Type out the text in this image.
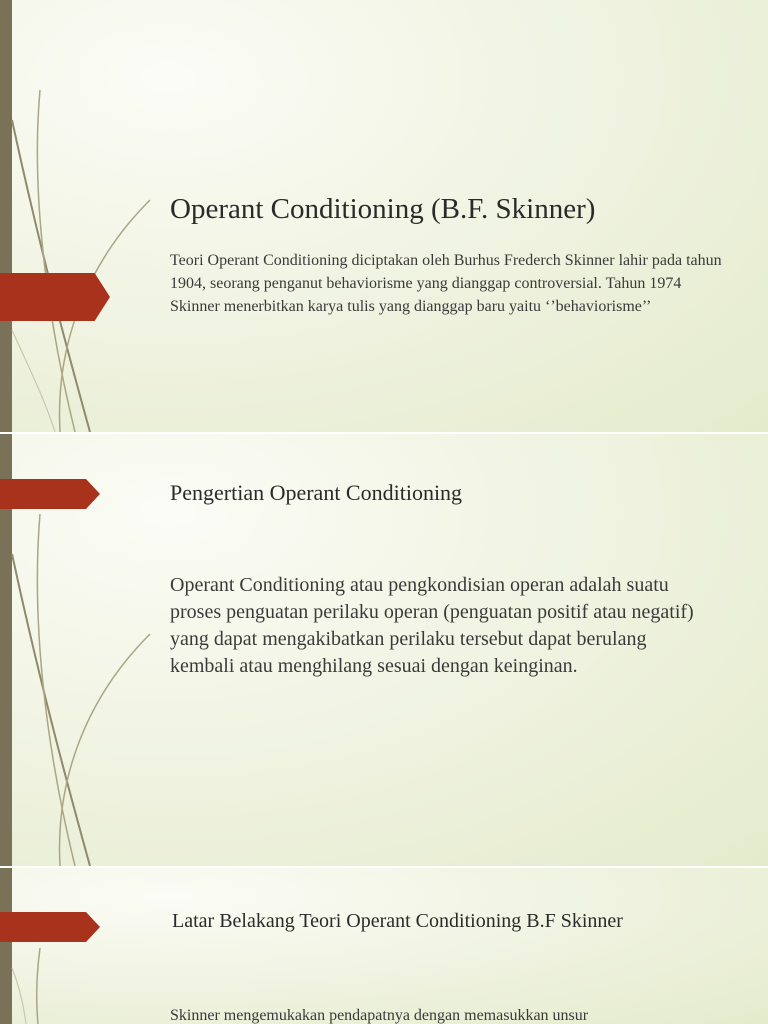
Operant Conditioning (B.F. Skinner)

Teori Operant Conditioning diciptakan oleh Burhus Frederch Skinner lahir pada tahun 1904, seorang penganut behaviorisme yang dianggap controversial. Tahun 1974 Skinner menerbitkan karya tulis yang dianggap baru yaitu ‘’behaviorisme’’

Pengertian Operant Conditioning

Operant Conditioning atau pengkondisian operan adalah suatu proses penguatan perilaku operan (penguatan positif atau negatif) yang dapat mengakibatkan perilaku tersebut dapat berulang kembali atau menghilang sesuai dengan keinginan.

Latar Belakang Teori Operant Conditioning B.F Skinner

Skinner mengemukakan pendapatnya dengan memasukkan unsur
